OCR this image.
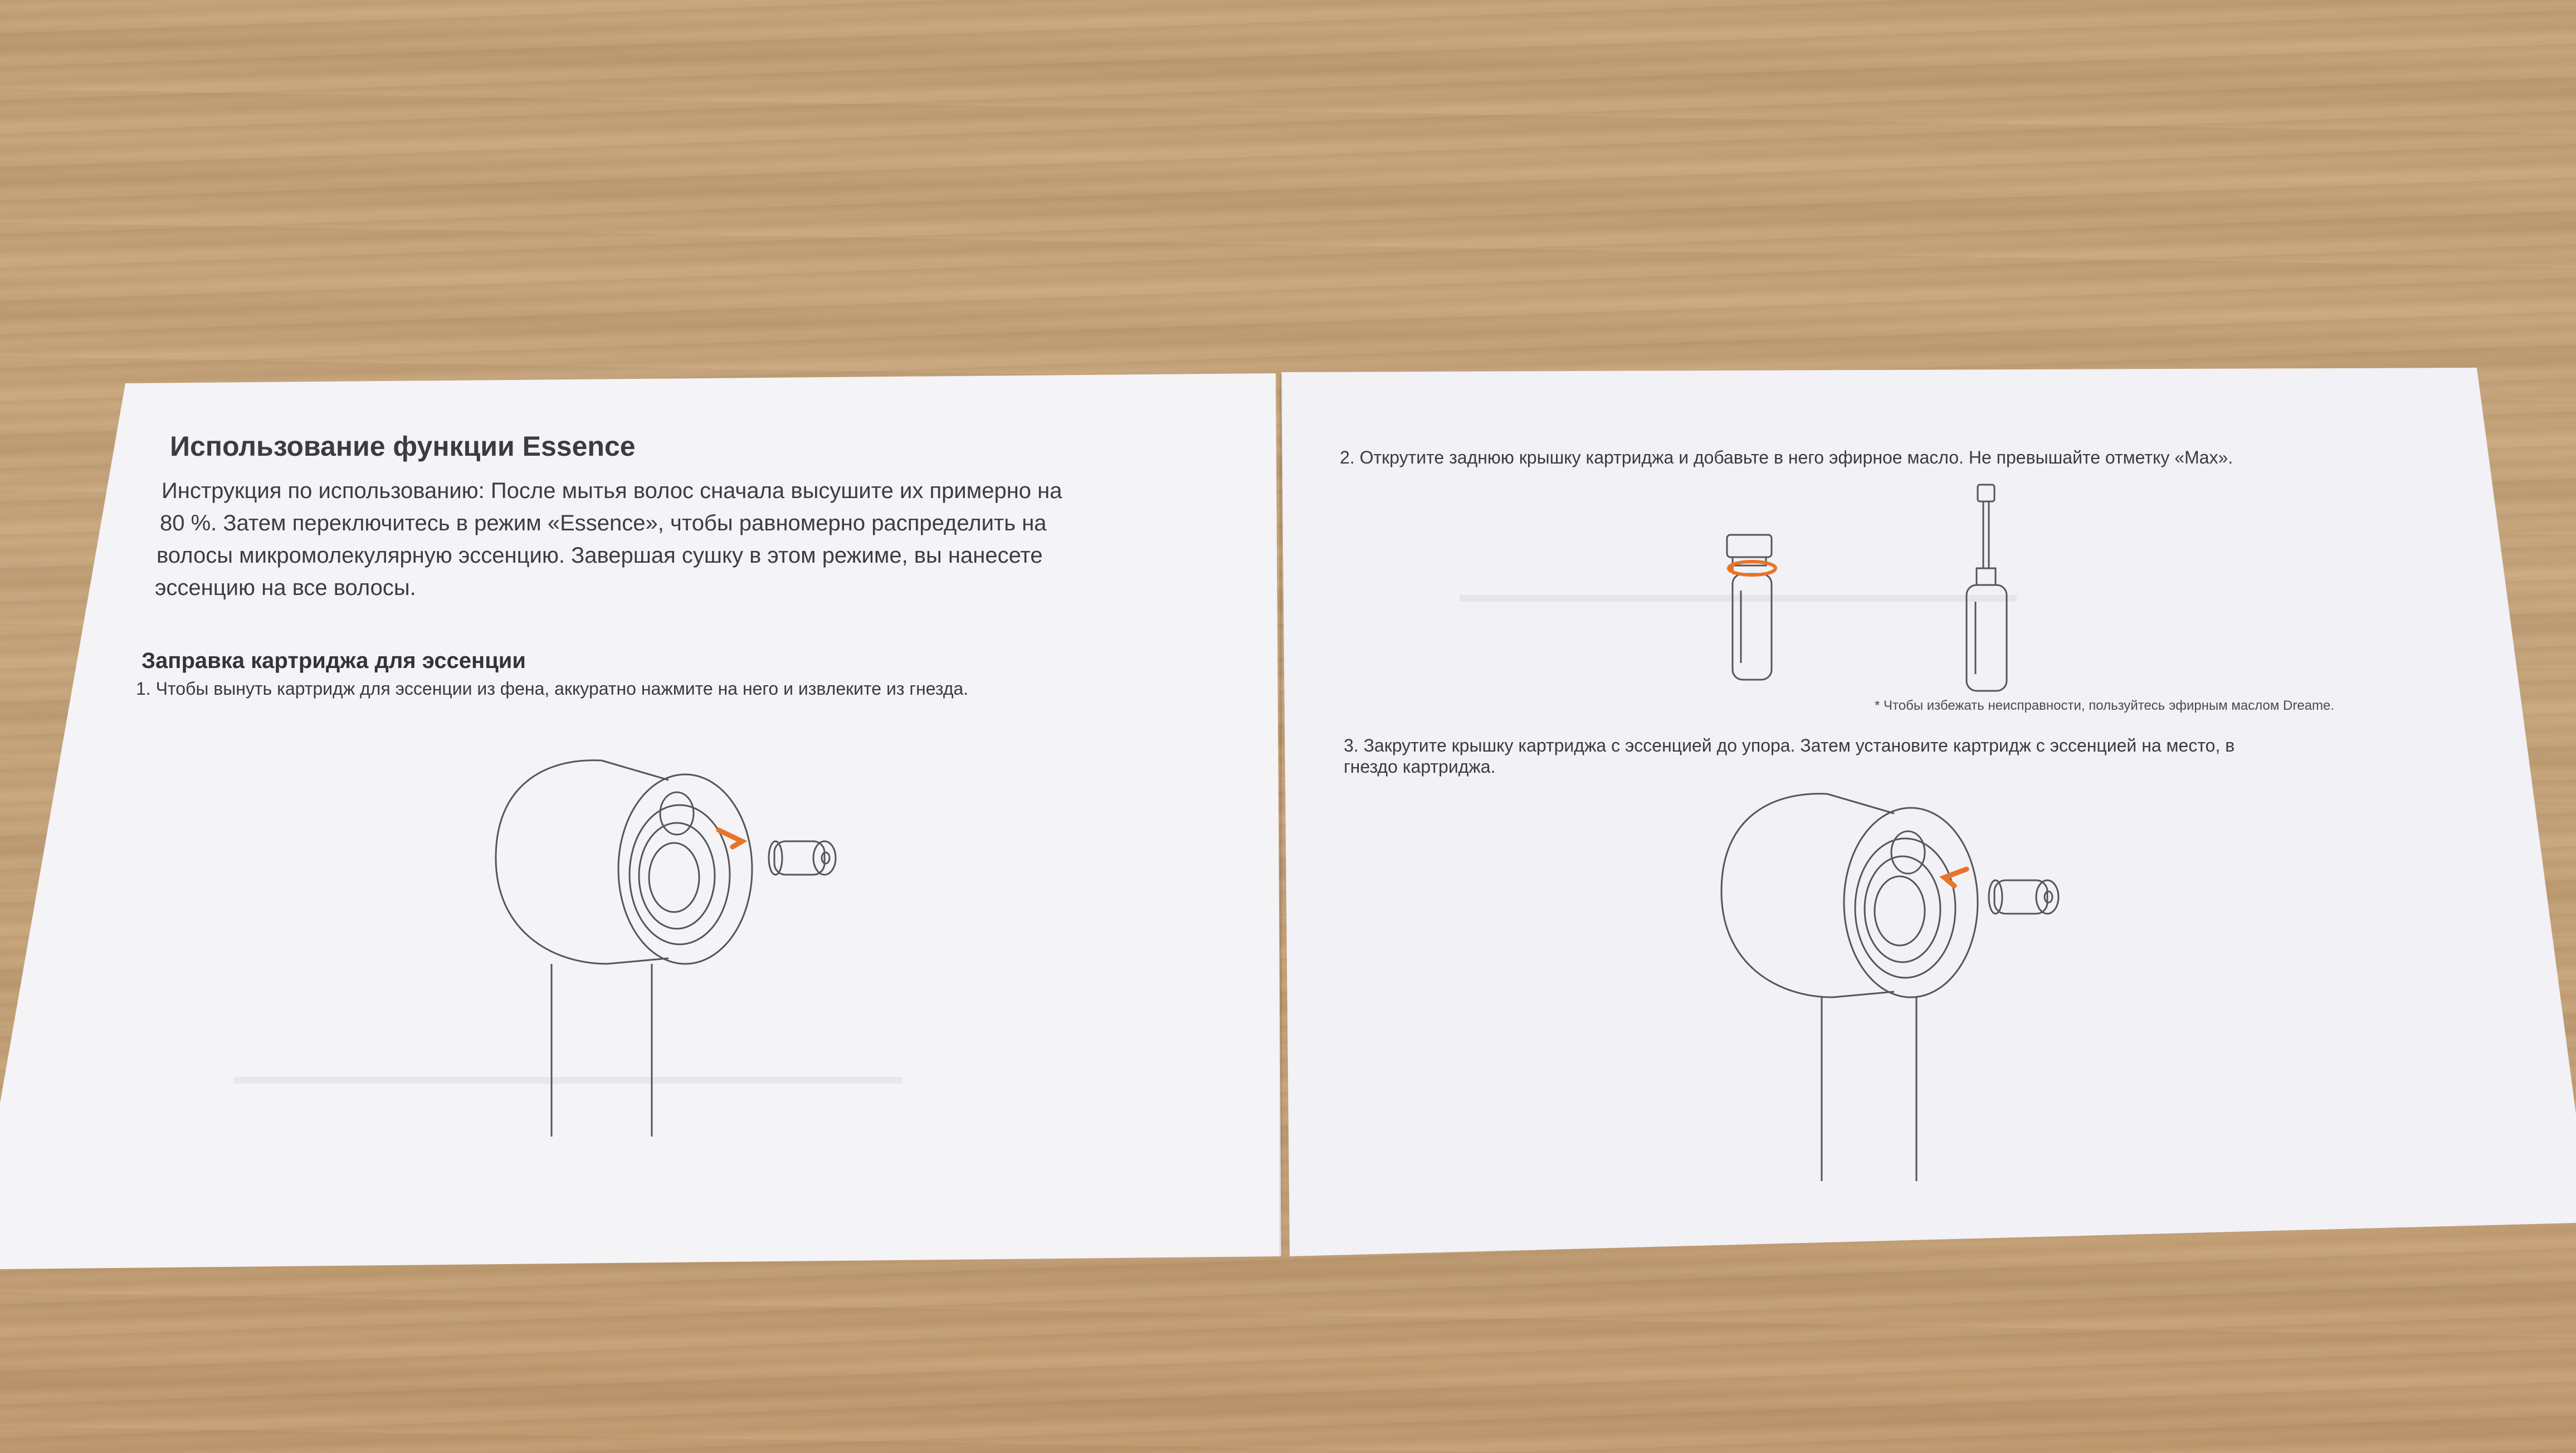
▬▬▬▬▬▬▬▬▬▬▬▬▬▬▬▬▬▬▬▬▬▬▬▬▬
▬▬▬▬▬▬▬▬▬▬▬▬▬▬▬▬▬▬▬▬▬▬▬▬▬▬▬▬▬▬
Использование функции Essence
Инструкция по использованию: После мытья волос сначала высушите их примерно на
80 %. Затем переключитесь в режим «Essence», чтобы равномерно распределить на
волосы микромолекулярную эссенцию. Завершая сушку в этом режиме, вы нанесете
эссенцию на все волосы.
Заправка картриджа для эссенции
1. Чтобы вынуть картридж для эссенции из фена, аккуратно нажмите на него и извлеките из гнезда.
2. Открутите заднюю крышку картриджа и добавьте в него эфирное масло. Не превышайте отметку «Max».
* Чтобы избежать неисправности, пользуйтесь эфирным маслом Dreame.
3. Закрутите крышку картриджа с эссенцией до упора. Затем установите картридж с эссенцией на место, в
гнездо картриджа.
